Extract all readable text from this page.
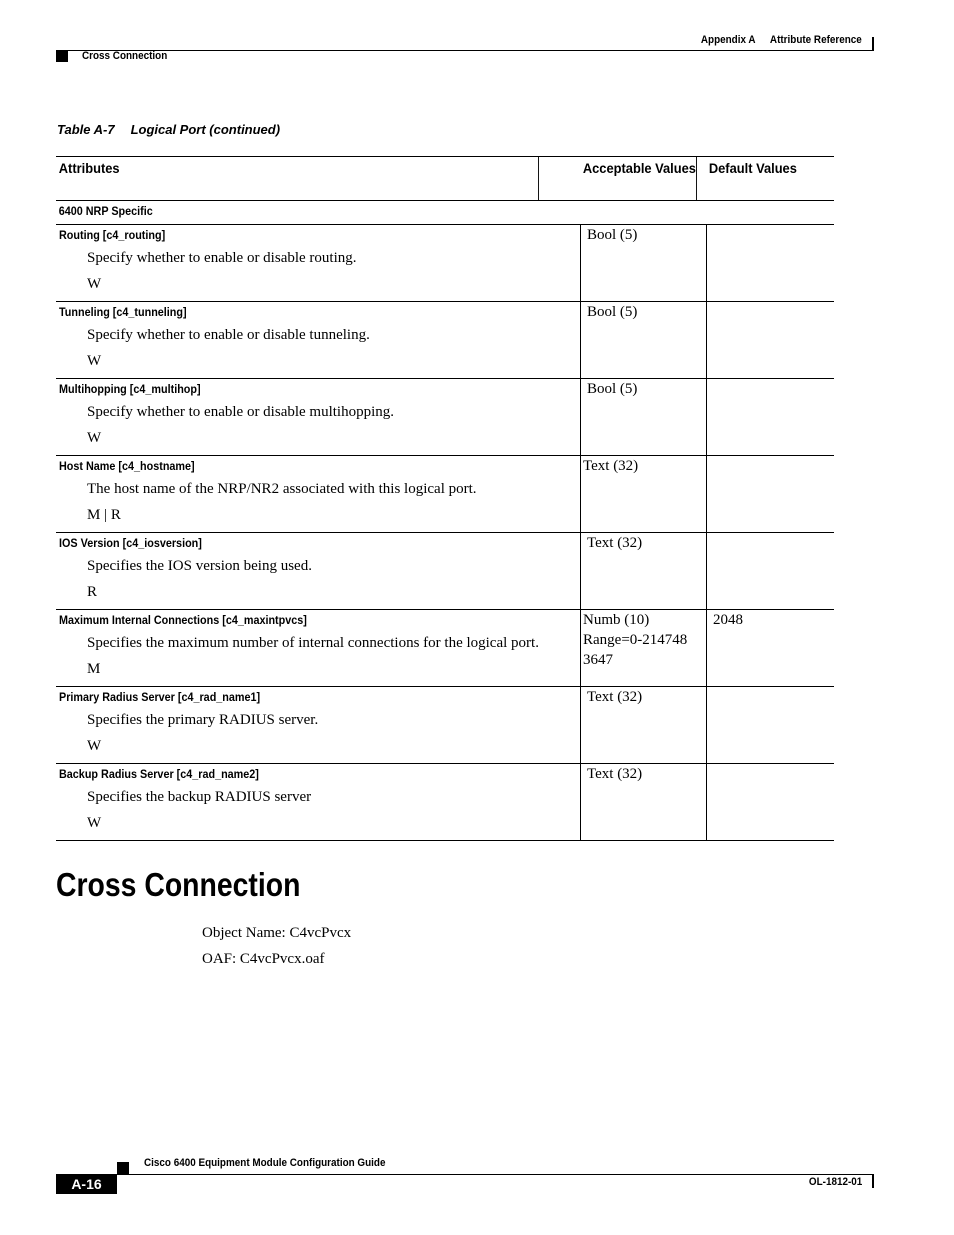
Appendix A Attribute Reference
Cross Connection
Table A-7 Logical Port (continued)
Attributes	Acceptable Values Default Values
6400 NRP Specific
Routing [c4_routing]
Specify whether to enable or disable routing.
W
Bool (5)
Tunneling [c4_tunneling]
Specify whether to enable or disable tunneling.
W
Bool (5)
Multihopping [c4_multihop]
Specify whether to enable or disable multihopping.
W
Bool (5)
Host Name [c4_hostname]
The host name of the NRP/NR2 associated with this logical port.
M | R
Text (32)
IOS Version [c4_iosversion]
Specifies the IOS version being used.
R
Text (32)
Maximum Internal Connections [c4_maxintpvcs]
Specifies the maximum number of internal connections for the logical port.
M
Numb (10)
Range=0-214748
3647
2048
Primary Radius Server [c4_rad_name1]
Specifies the primary RADIUS server.
W
Text (32)
Backup Radius Server [c4_rad_name2]
Specifies the backup RADIUS server
W
Text (32)
Cross Connection
Object Name: C4vcPvcx
OAF: C4vcPvcx.oaf
Cisco 6400 Equipment Module Configuration Guide
A-16	OL-1812-01
